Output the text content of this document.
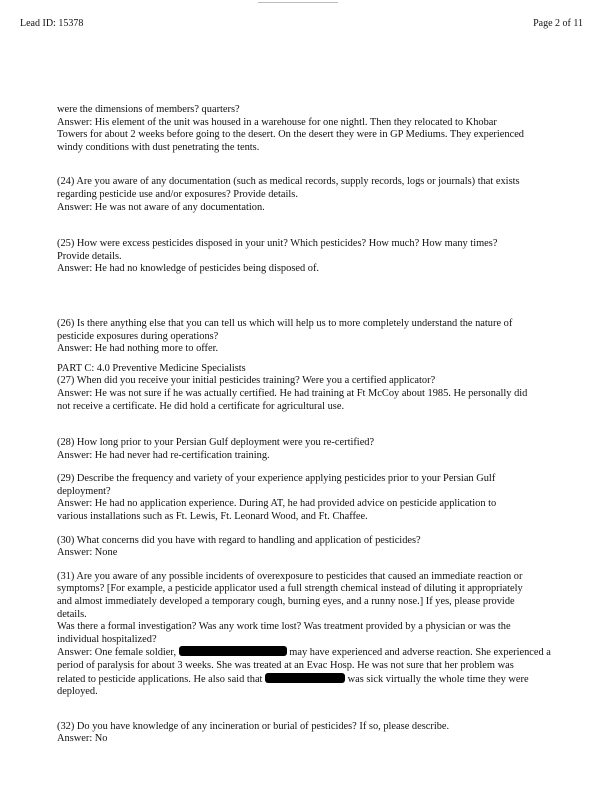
Lead ID: 15378	Page 2 of 11
were the dimensions of members? quarters?
Answer: His element of the unit was housed in a warehouse for one nightl. Then they relocated to Khobar
Towers for about 2 weeks before going to the desert. On the desert they were in GP Mediums. They experienced
windy conditions with dust penetrating the tents.
(24) Are you aware of any documentation (such as medical records, supply records, logs or journals) that exists
regarding pesticide use and/or exposures? Provide details.
Answer: He was not aware of any documentation.
(25) How were excess pesticides disposed in your unit? Which pesticides? How much? How many times?
Provide details.
Answer: He had no knowledge of pesticides being disposed of.
(26) Is there anything else that you can tell us which will help us to more completely understand the nature of
pesticide exposures during operations?
Answer: He had nothing more to offer.
PART C: 4.0 Preventive Medicine Specialists
(27) When did you receive your initial pesticides training? Were you a certified applicator?
Answer: He was not sure if he was actually certified. He had training at Ft McCoy about 1985. He personally did
not receive a certificate. He did hold a certificate for agricultural use.
(28) How long prior to your Persian Gulf deployment were you re-certified?
Answer: He had never had re-certification training.
(29) Describe the frequency and variety of your experience applying pesticides prior to your Persian Gulf
deployment?
Answer: He had no application experience. During AT, he had provided advice on pesticide application to
various installations such as Ft. Lewis, Ft. Leonard Wood, and Ft. Chaffee.
(30) What concerns did you have with regard to handling and application of pesticides?
Answer: None
(31) Are you aware of any possible incidents of overexposure to pesticides that caused an immediate reaction or
symptoms? [For example, a pesticide applicator used a full strength chemical instead of diluting it appropriately
and almost immediately developed a temporary cough, burning eyes, and a runny nose.] If yes, please provide
details.
Was there a formal investigation? Was any work time lost? Was treatment provided by a physician or was the
individual hospitalized?
Answer: One female soldier,	may have experienced and adverse reaction. She experienced a
period of paralysis for about 3 weeks. She was treated at an Evac Hosp. He was not sure that her problem was
related to pesticide applications. He also said that	was sick virtually the whole time they were
deployed.
(32) Do you have knowledge of any incineration or burial of pesticides? If so, please describe.
Answer: No
